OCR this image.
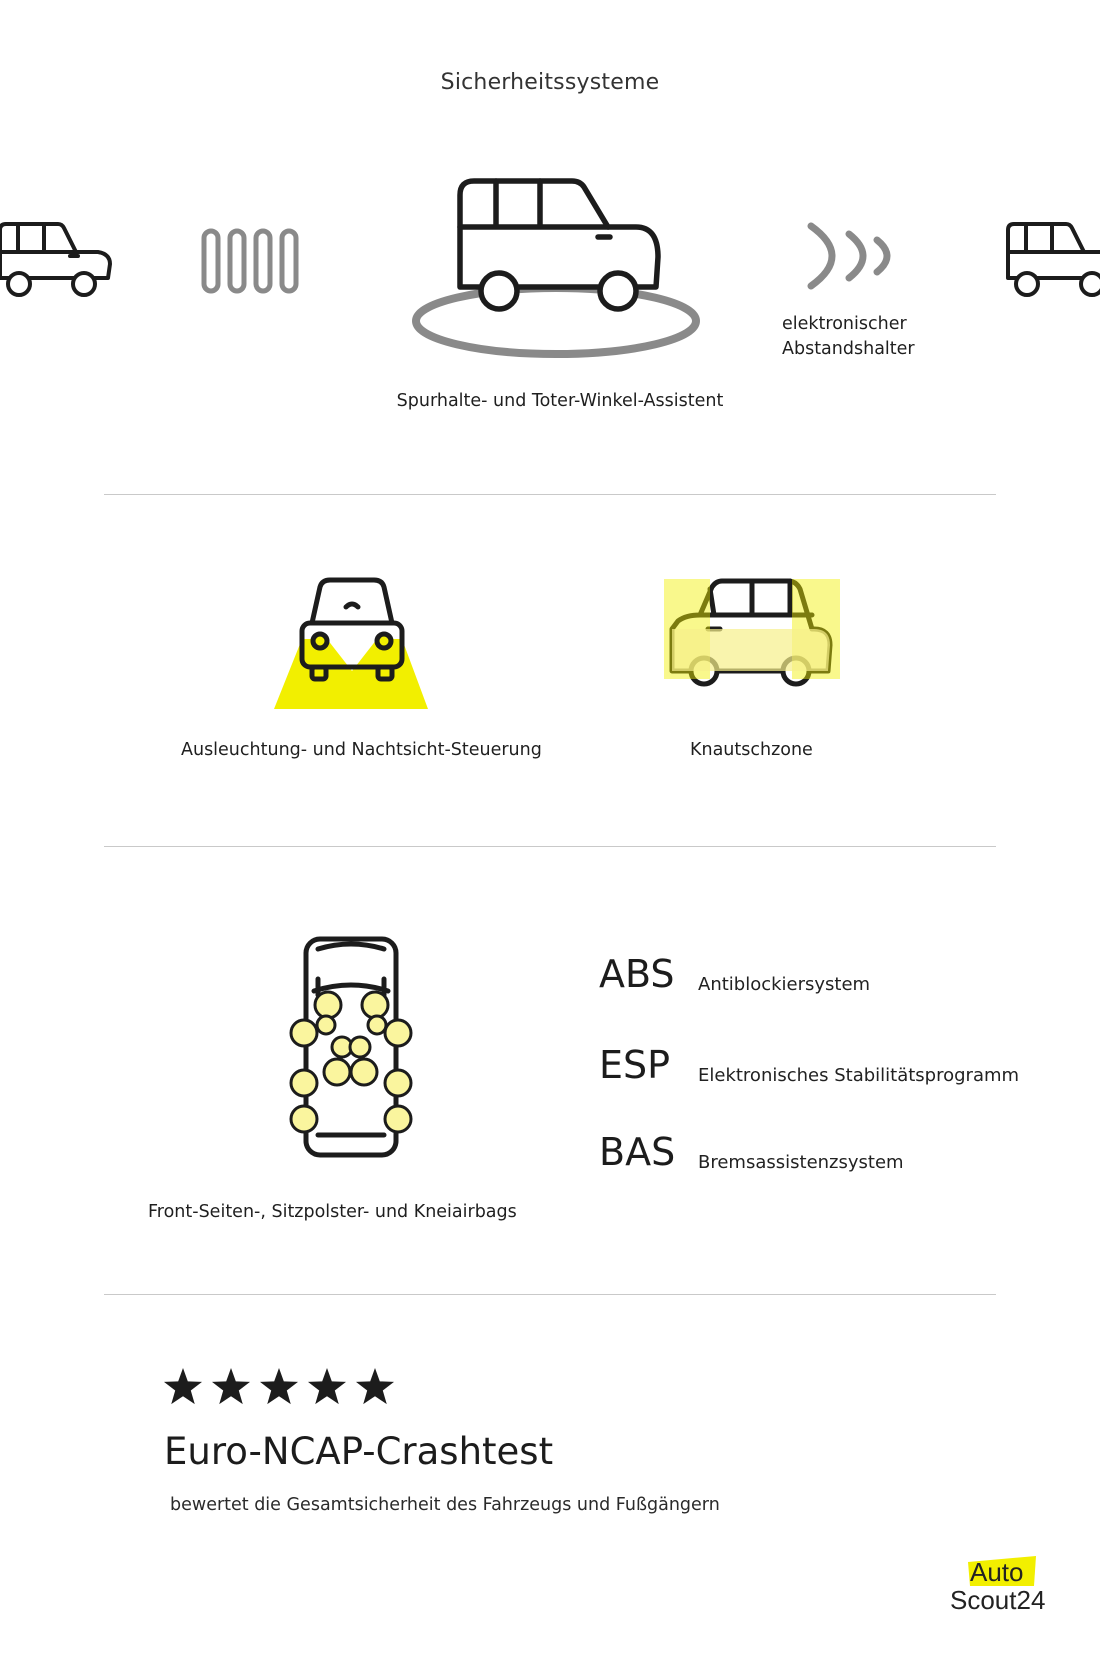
Sicherheitssysteme
elektronischer
Abstandshalter
Spurhalte- und Toter-Winkel-Assistent
Ausleuchtung- und Nachtsicht-Steuerung	Knautschzone
Front-Seiten-, Sitzpolster- und Kneiairbags
ABS Antiblockiersystem
ESP Elektronisches Stabilitätsprogramm
BAS Bremsassistenzsystem
Euro-NCAP-Crashtest
bewertet die Gesamtsicherheit des Fahrzeugs und Fußgängern
Auto
Scout24
